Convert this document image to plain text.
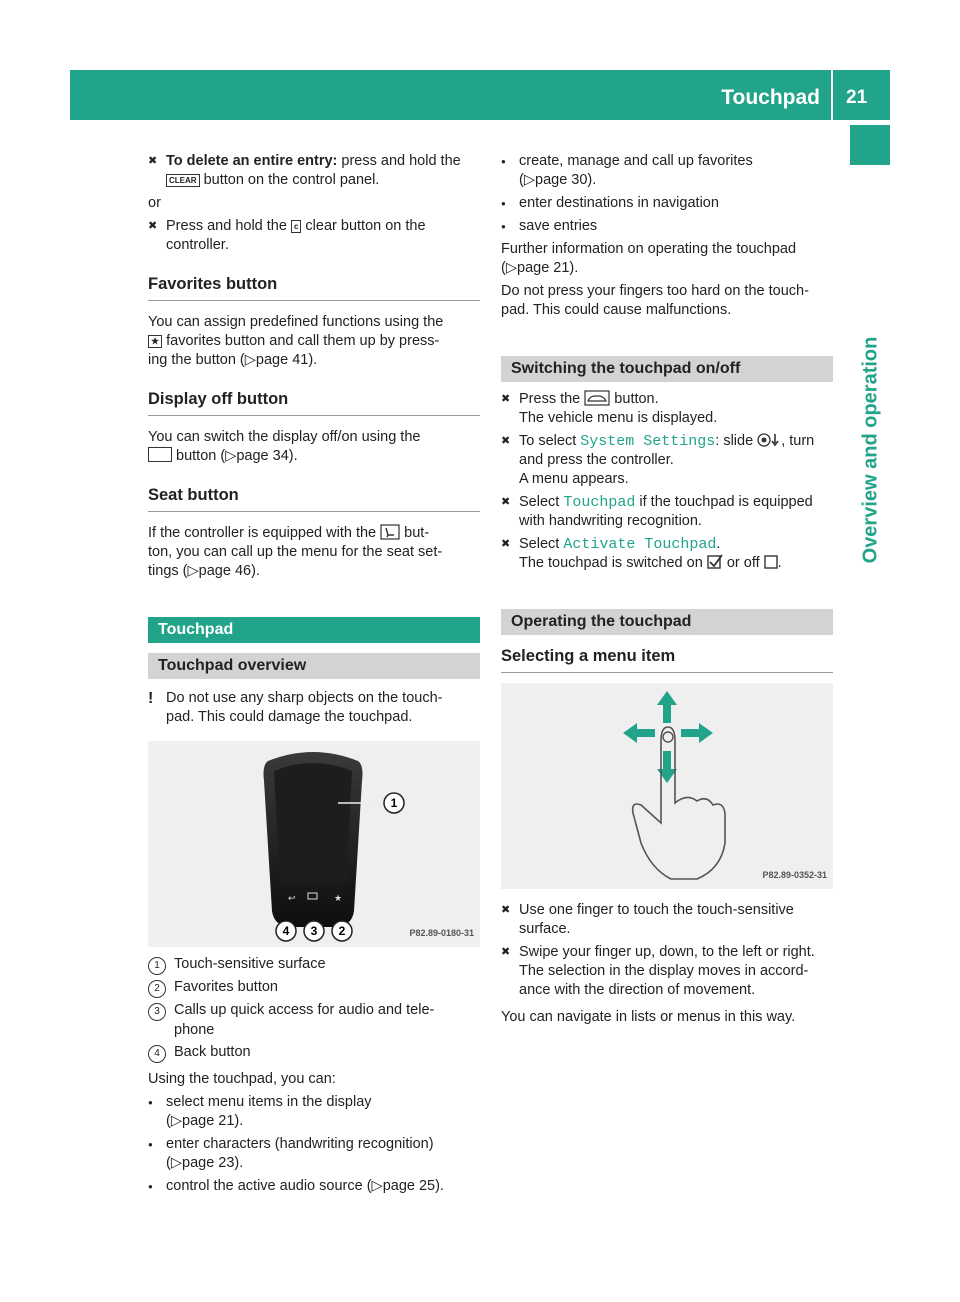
Touchpad 21
Overview and operation

✖ To delete an entire entry: press and hold the
CLEAR button on the control panel.

or

✖ Press and hold the c clear button on the
controller.

Favorites button

You can assign predefined functions using the
★ favorites button and call them up by press-
ing the button (▷page 41).

Display off button

You can switch the display off/on using the
button (▷page 34).

Seat button

If the controller is equipped with the  but-
ton, you can call up the menu for the seat set-
tings (▷page 46).

Touchpad
Touchpad overview

! Do not use any sharp objects on the touch-
pad. This could damage the touchpad.

1
↩	★
4 3 2	P82.89-0180-31

1 Touch-sensitive surface

2 Favorites button

3 Calls up quick access for audio and tele-
phone

4 Back button

Using the touchpad, you can:

● select menu items in the display
(▷page 21).

● enter characters (handwriting recognition)
(▷page 23).

● control the active audio source (▷page 25).

● create, manage and call up favorites
(▷page 30).

● enter destinations in navigation

● save entries

Further information on operating the touchpad
(▷page 21).

Do not press your fingers too hard on the touch-
pad. This could cause malfunctions.

Switching the touchpad on/off

✖ Press the  button.
The vehicle menu is displayed.

✖ To select System Settings: slide , turn
and press the controller.
A menu appears.

✖ Select Touchpad if the touchpad is equipped
with handwriting recognition.

✖ Select Activate Touchpad.
The touchpad is switched on  or off .

Operating the touchpad
Selecting a menu item
P82.89-0352-31

✖ Use one finger to touch the touch-sensitive
surface.

✖ Swipe your finger up, down, to the left or right.
The selection in the display moves in accord-
ance with the direction of movement.

You can navigate in lists or menus in this way.
